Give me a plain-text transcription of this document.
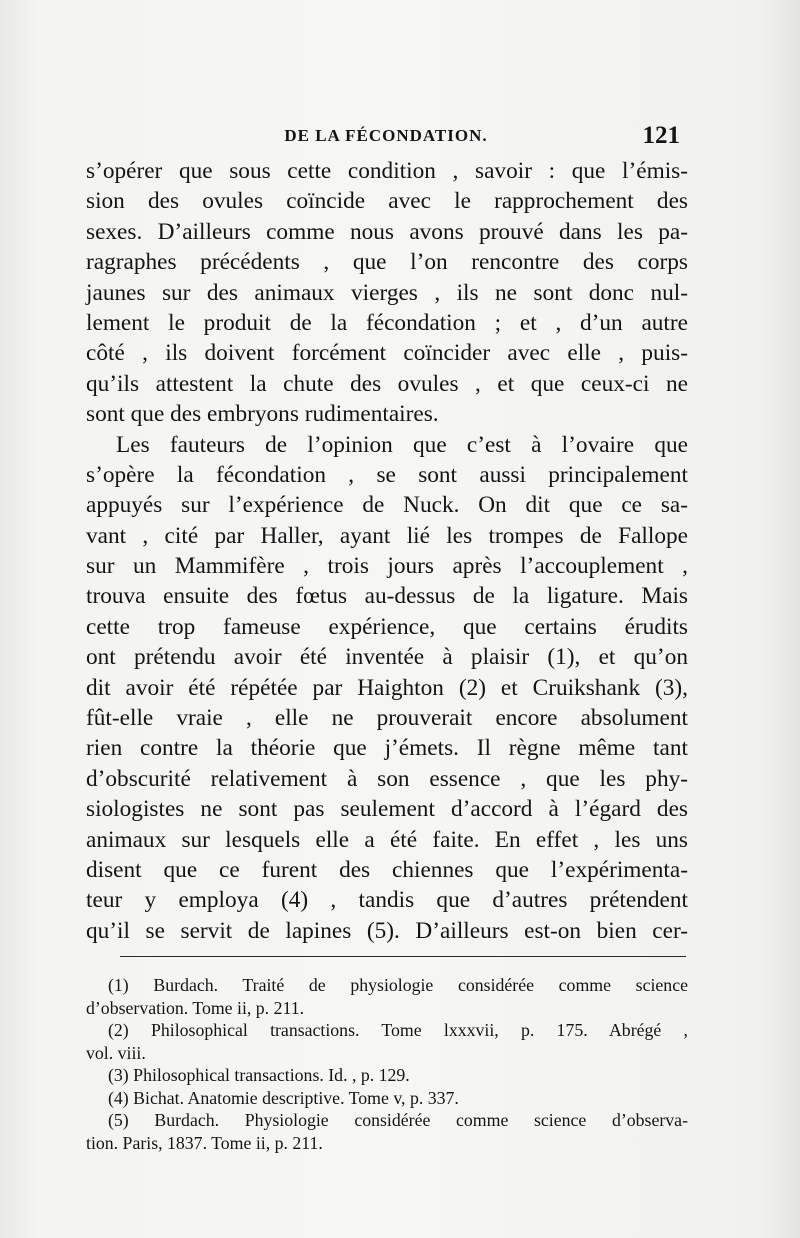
DE LA FÉCONDATION.	121
s’opérer que sous cette condition , savoir : que l’émis-
sion des ovules coïncide avec le rapprochement des
sexes. D’ailleurs comme nous avons prouvé dans les pa-
ragraphes précédents , que l’on rencontre des corps
jaunes sur des animaux vierges , ils ne sont donc nul-
lement le produit de la fécondation ; et , d’un autre
côté , ils doivent forcément coïncider avec elle , puis-
qu’ils attestent la chute des ovules , et que ceux-ci ne
sont que des embryons rudimentaires.
Les fauteurs de l’opinion que c’est à l’ovaire que
s’opère la fécondation , se sont aussi principalement
appuyés sur l’expérience de Nuck. On dit que ce sa-
vant , cité par Haller, ayant lié les trompes de Fallope
sur un Mammifère , trois jours après l’accouplement ,
trouva ensuite des fœtus au-dessus de la ligature. Mais
cette trop fameuse expérience, que certains érudits
ont prétendu avoir été inventée à plaisir (1), et qu’on
dit avoir été répétée par Haighton (2) et Cruikshank (3),
fût-elle vraie , elle ne prouverait encore absolument
rien contre la théorie que j’émets. Il règne même tant
d’obscurité relativement à son essence , que les phy-
siologistes ne sont pas seulement d’accord à l’égard des
animaux sur lesquels elle a été faite. En effet , les uns
disent que ce furent des chiennes que l’expérimenta-
teur y employa (4) , tandis que d’autres prétendent
qu’il se servit de lapines (5). D’ailleurs est-on bien cer-
(1) Burdach. Traité de physiologie considérée comme science
d’observation. Tome ii, p. 211.
(2) Philosophical transactions. Tome lxxxvii, p. 175. Abrégé ,
vol. viii.
(3) Philosophical transactions. Id. , p. 129.
(4) Bichat. Anatomie descriptive. Tome v, p. 337.
(5) Burdach. Physiologie considérée comme science d’observa-
tion. Paris, 1837. Tome ii, p. 211.
